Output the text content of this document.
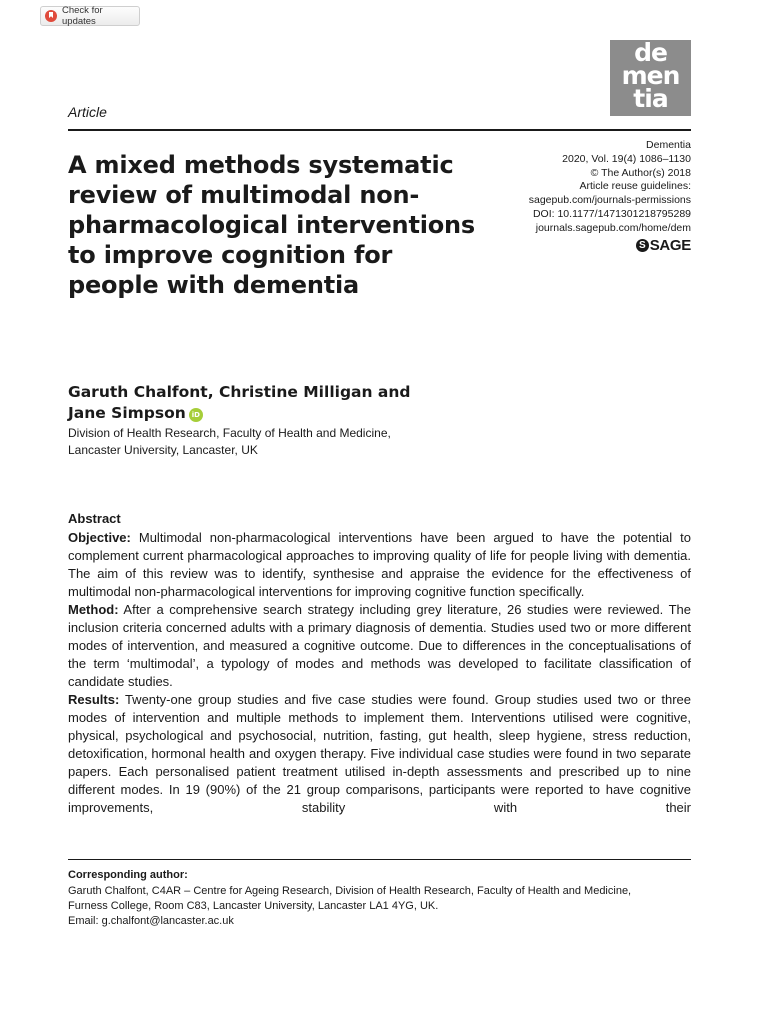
Check for updates
de
men
tia
Article
A mixed methods systematic review of multimodal non-pharmacological interventions to improve cognition for people with dementia
Dementia
2020, Vol. 19(4) 1086–1130
© The Author(s) 2018
Article reuse guidelines:
sagepub.com/journals-permissions
DOI: 10.1177/1471301218795289
journals.sagepub.com/home/dem
S SAGE
Garuth Chalfont, Christine Milligan and
Jane Simpson iD
Division of Health Research, Faculty of Health and Medicine,
Lancaster University, Lancaster, UK
Abstract

Objective: Multimodal non-pharmacological interventions have been argued to have the potential to complement current pharmacological approaches to improving quality of life for people living with dementia. The aim of this review was to identify, synthesise and appraise the evidence for the effectiveness of multimodal non-pharmacological interventions for improving cognitive function specifically.

Method: After a comprehensive search strategy including grey literature, 26 studies were reviewed. The inclusion criteria concerned adults with a primary diagnosis of dementia. Studies used two or more different modes of intervention, and measured a cognitive outcome. Due to differences in the conceptualisations of the term ‘multimodal’, a typology of modes and methods was developed to facilitate classification of candidate studies.

Results: Twenty-one group studies and five case studies were found. Group studies used two or three modes of intervention and multiple methods to implement them. Interventions utilised were cognitive, physical, psychological and psychosocial, nutrition, fasting, gut health, sleep hygiene, stress reduction, detoxification, hormonal health and oxygen therapy. Five individual case studies were found in two separate papers. Each personalised patient treatment utilised in-depth assessments and prescribed up to nine different modes. In 19 (90%) of the 21 group comparisons, participants were reported to have cognitive improvements, stability with their

Corresponding author:
Garuth Chalfont, C4AR – Centre for Ageing Research, Division of Health Research, Faculty of Health and Medicine,
Furness College, Room C83, Lancaster University, Lancaster LA1 4YG, UK.
Email: g.chalfont@lancaster.ac.uk
